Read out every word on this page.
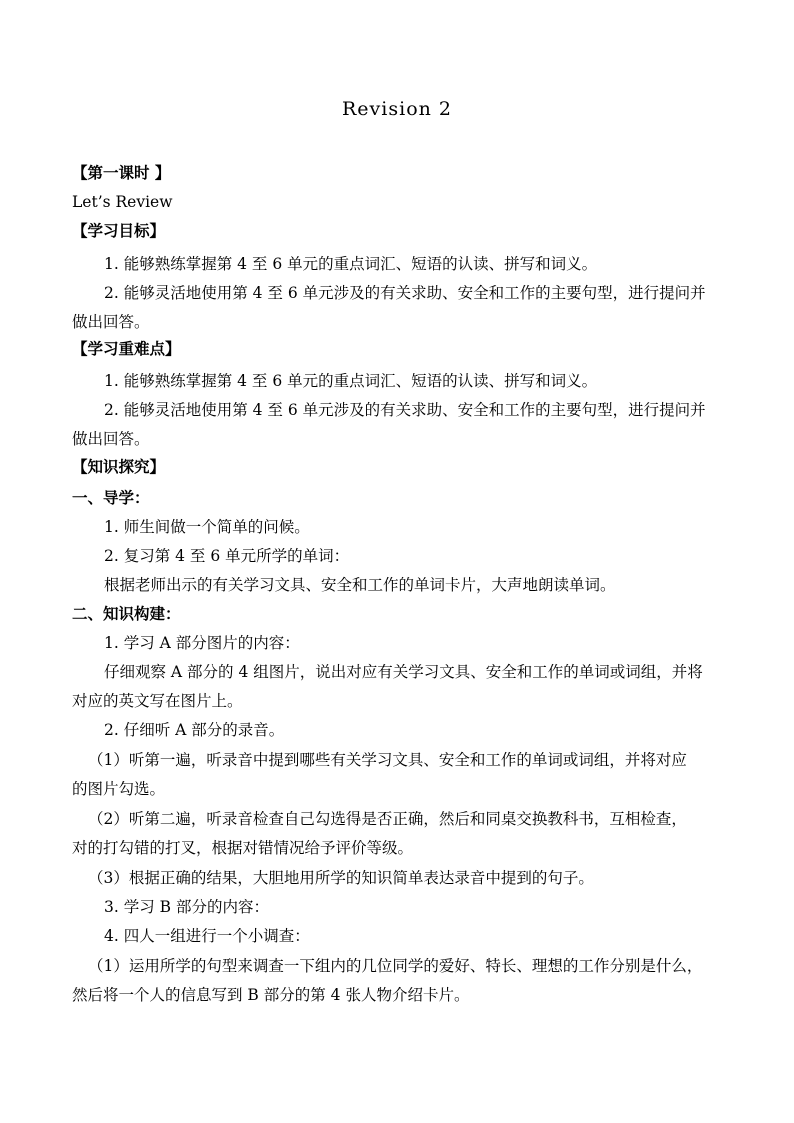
Revision 2
【第一课时 】
Let’s Review
【学习目标】
1. 能够熟练掌握第 4 至 6 单元的重点词汇、短语的认读、拼写和词义。
2. 能够灵活地使用第 4 至 6 单元涉及的有关求助、安全和工作的主要句型，进行提问并
做出回答。
【学习重难点】
1. 能够熟练掌握第 4 至 6 单元的重点词汇、短语的认读、拼写和词义。
2. 能够灵活地使用第 4 至 6 单元涉及的有关求助、安全和工作的主要句型，进行提问并
做出回答。
【知识探究】
一、导学：
1. 师生间做一个简单的问候。
2. 复习第 4 至 6 单元所学的单词：
根据老师出示的有关学习文具、安全和工作的单词卡片，大声地朗读单词。
二、知识构建：
1. 学习 A 部分图片的内容：
仔细观察 A 部分的 4 组图片，说出对应有关学习文具、安全和工作的单词或词组，并将
对应的英文写在图片上。
2. 仔细听 A 部分的录音。
（1）听第一遍，听录音中提到哪些有关学习文具、安全和工作的单词或词组，并将对应
的图片勾选。
（2）听第二遍，听录音检查自己勾选得是否正确，然后和同桌交换教科书，互相检查，
对的打勾错的打叉，根据对错情况给予评价等级。
（3）根据正确的结果，大胆地用所学的知识简单表达录音中提到的句子。
3. 学习 B 部分的内容：
4. 四人一组进行一个小调查：
（1）运用所学的句型来调查一下组内的几位同学的爱好、特长、理想的工作分别是什么，
然后将一个人的信息写到 B 部分的第 4 张人物介绍卡片。
